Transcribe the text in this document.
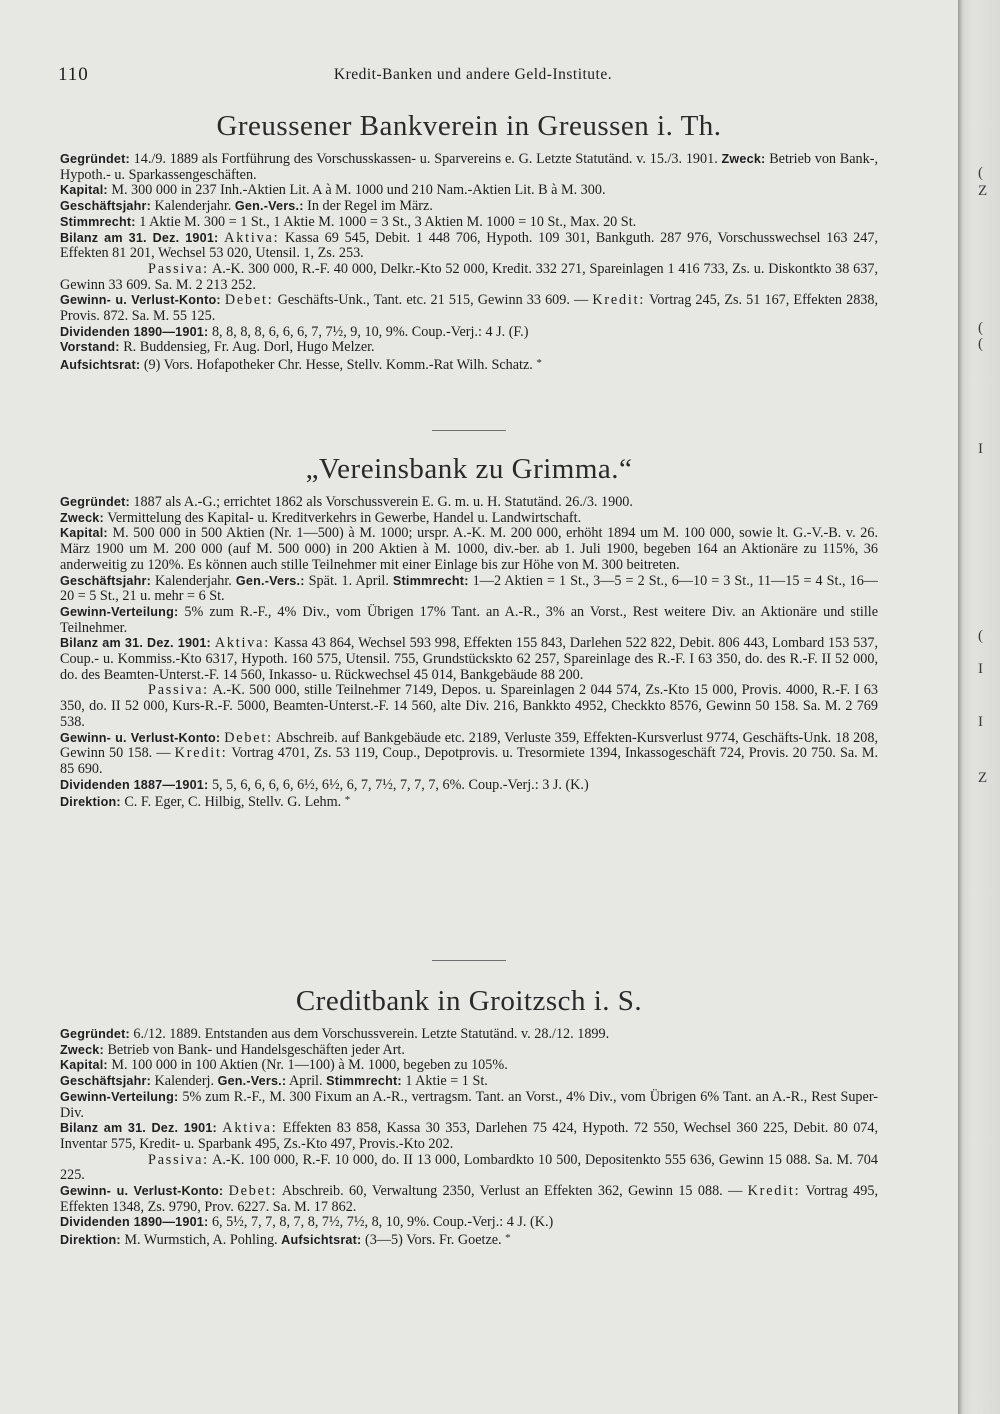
110	Kredit-Banken und andere Geld-Institute.
Greussener Bankverein in Greussen i. Th.

Gegründet: 14./9. 1889 als Fortführung des Vorschusskassen- u. Sparvereins e. G. Letzte Statutänd. v. 15./3. 1901. Zweck: Betrieb von Bank-, Hypoth.- u. Sparkassengeschäften.

Kapital: M. 300 000 in 237 Inh.-Aktien Lit. A à M. 1000 und 210 Nam.-Aktien Lit. B à M. 300.

Geschäftsjahr: Kalenderjahr. Gen.-Vers.: In der Regel im März.

Stimmrecht: 1 Aktie M. 300 = 1 St., 1 Aktie M. 1000 = 3 St., 3 Aktien M. 1000 = 10 St., Max. 20 St.

Bilanz am 31. Dez. 1901: Aktiva: Kassa 69 545, Debit. 1 448 706, Hypoth. 109 301, Bankguth. 287 976, Vorschusswechsel 163 247, Effekten 81 201, Wechsel 53 020, Utensil. 1, Zs. 253.
Passiva: A.-K. 300 000, R.-F. 40 000, Delkr.-Kto 52 000, Kredit. 332 271, Spareinlagen 1 416 733, Zs. u. Diskontkto 38 637, Gewinn 33 609. Sa. M. 2 213 252.

Gewinn- u. Verlust-Konto: Debet: Geschäfts-Unk., Tant. etc. 21 515, Gewinn 33 609. — Kredit: Vortrag 245, Zs. 51 167, Effekten 2838, Provis. 872. Sa. M. 55 125.

Dividenden 1890—1901: 8, 8, 8, 8, 6, 6, 6, 7, 7½, 9, 10, 9%. Coup.-Verj.: 4 J. (F.)

Vorstand: R. Buddensieg, Fr. Aug. Dorl, Hugo Melzer.

Aufsichtsrat: (9) Vors. Hofapotheker Chr. Hesse, Stellv. Komm.-Rat Wilh. Schatz. *

„Vereinsbank zu Grimma.“

Gegründet: 1887 als A.-G.; errichtet 1862 als Vorschussverein E. G. m. u. H. Statutänd. 26./3. 1900.

Zweck: Vermittelung des Kapital- u. Kreditverkehrs in Gewerbe, Handel u. Landwirtschaft.

Kapital: M. 500 000 in 500 Aktien (Nr. 1—500) à M. 1000; urspr. A.-K. M. 200 000, erhöht 1894 um M. 100 000, sowie lt. G.-V.-B. v. 26. März 1900 um M. 200 000 (auf M. 500 000) in 200 Aktien à M. 1000, div.-ber. ab 1. Juli 1900, begeben 164 an Aktionäre zu 115%, 36 anderweitig zu 120%. Es können auch stille Teilnehmer mit einer Einlage bis zur Höhe von M. 300 beitreten.

Geschäftsjahr: Kalenderjahr. Gen.-Vers.: Spät. 1. April. Stimmrecht: 1—2 Aktien = 1 St., 3—5 = 2 St., 6—10 = 3 St., 11—15 = 4 St., 16—20 = 5 St., 21 u. mehr = 6 St.

Gewinn-Verteilung: 5% zum R.-F., 4% Div., vom Übrigen 17% Tant. an A.-R., 3% an Vorst., Rest weitere Div. an Aktionäre und stille Teilnehmer.

Bilanz am 31. Dez. 1901: Aktiva: Kassa 43 864, Wechsel 593 998, Effekten 155 843, Darlehen 522 822, Debit. 806 443, Lombard 153 537, Coup.- u. Kommiss.-Kto 6317, Hypoth. 160 575, Utensil. 755, Grundstückskto 62 257, Spareinlage des R.-F. I 63 350, do. des R.-F. II 52 000, do. des Beamten-Unterst.-F. 14 560, Inkasso- u. Rückwechsel 45 014, Bankgebäude 88 200.
Passiva: A.-K. 500 000, stille Teilnehmer 7149, Depos. u. Spareinlagen 2 044 574, Zs.-Kto 15 000, Provis. 4000, R.-F. I 63 350, do. II 52 000, Kurs-R.-F. 5000, Beamten-Unterst.-F. 14 560, alte Div. 216, Bankkto 4952, Checkkto 8576, Gewinn 50 158. Sa. M. 2 769 538.

Gewinn- u. Verlust-Konto: Debet: Abschreib. auf Bankgebäude etc. 2189, Verluste 359, Effekten-Kursverlust 9774, Geschäfts-Unk. 18 208, Gewinn 50 158. — Kredit: Vortrag 4701, Zs. 53 119, Coup., Depotprovis. u. Tresormiete 1394, Inkassogeschäft 724, Provis. 20 750. Sa. M. 85 690.

Dividenden 1887—1901: 5, 5, 6, 6, 6, 6, 6½, 6½, 6, 7, 7½, 7, 7, 7, 6%. Coup.-Verj.: 3 J. (K.)

Direktion: C. F. Eger, C. Hilbig, Stellv. G. Lehm. *

Creditbank in Groitzsch i. S.

Gegründet: 6./12. 1889. Entstanden aus dem Vorschussverein. Letzte Statutänd. v. 28./12. 1899.

Zweck: Betrieb von Bank- und Handelsgeschäften jeder Art.

Kapital: M. 100 000 in 100 Aktien (Nr. 1—100) à M. 1000, begeben zu 105%.

Geschäftsjahr: Kalenderj. Gen.-Vers.: April. Stimmrecht: 1 Aktie = 1 St.

Gewinn-Verteilung: 5% zum R.-F., M. 300 Fixum an A.-R., vertragsm. Tant. an Vorst., 4% Div., vom Übrigen 6% Tant. an A.-R., Rest Super-Div.

Bilanz am 31. Dez. 1901: Aktiva: Effekten 83 858, Kassa 30 353, Darlehen 75 424, Hypoth. 72 550, Wechsel 360 225, Debit. 80 074, Inventar 575, Kredit- u. Sparbank 495, Zs.-Kto 497, Provis.-Kto 202.
Passiva: A.-K. 100 000, R.-F. 10 000, do. II 13 000, Lombardkto 10 500, Depositenkto 555 636, Gewinn 15 088. Sa. M. 704 225.

Gewinn- u. Verlust-Konto: Debet: Abschreib. 60, Verwaltung 2350, Verlust an Effekten 362, Gewinn 15 088. — Kredit: Vortrag 495, Effekten 1348, Zs. 9790, Prov. 6227. Sa. M. 17 862.

Dividenden 1890—1901: 6, 5½, 7, 7, 8, 7, 8, 7½, 7½, 8, 10, 9%. Coup.-Verj.: 4 J. (K.)

Direktion: M. Wurmstich, A. Pohling. Aufsichtsrat: (3—5) Vors. Fr. Goetze. *

(
Z
(
(
I
(
I
I
Z
